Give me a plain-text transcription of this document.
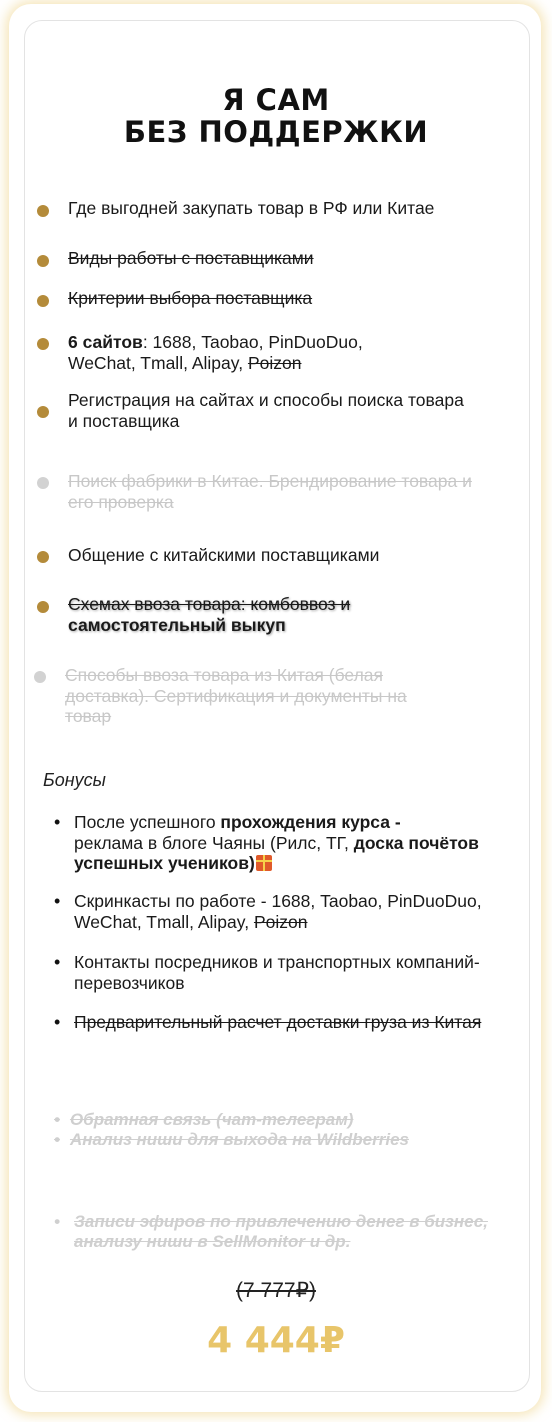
Я САМ
БЕЗ ПОДДЕРЖКИ
Где выгодней закупать товар в РФ или Китае
Виды работы с поставщиками
Критерии выбора поставщика
6 сайтов: 1688, Taobao, PinDuoDuo,
WeChat, Tmall, Alipay, Poizon
Регистрация на сайтах и способы поиска товара и поставщика
Поиск фабрики в Китае. Брендирование товара и его проверка
Общение с китайскими поставщиками
Схемах ввоза товара: комбоввоз и
самостоятельный выкуп
Способы ввоза товара из Китая (белая доставка). Сертификация и документы на товар
Бонусы
• После успешного прохождения курса -
реклама в блоге Чаяны (Рилс, ТГ, доска почётов успешных учеников)
• Скринкасты по работе - 1688, Taobao, PinDuoDuo, WeChat, Tmall, Alipay, Poizon
• Контакты посредников и транспортных компаний-перевозчиков
• Предварительный расчет доставки груза из Китая
• Обратная связь (чат-телеграм)
• Анализ ниши для выхода на Wildberries
• Записи эфиров по привлечению денег в бизнес, анализу ниши в SellMonitor и др.
(7 777₽)
4 444₽
